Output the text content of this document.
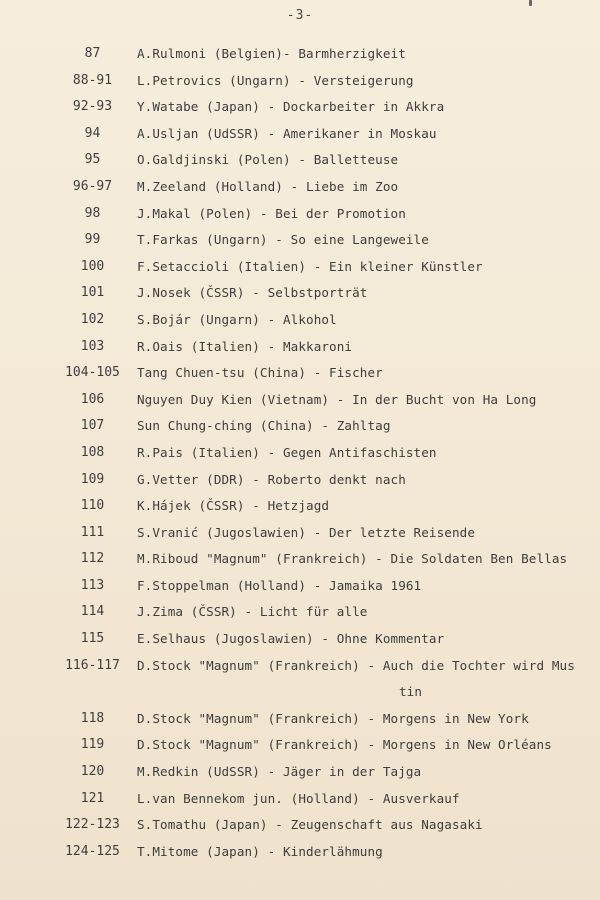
-3-
87	A.Rulmoni (Belgien)- Barmherzigkeit
88-91	L.Petrovics (Ungarn) - Versteigerung
92-93	Y.Watabe (Japan) - Dockarbeiter in Akkra
94	A.Usljan (UdSSR) - Amerikaner in Moskau
95	O.Galdjinski (Polen) - Balletteuse
96-97	M.Zeeland (Holland) - Liebe im Zoo
98	J.Makal (Polen) - Bei der Promotion
99	T.Farkas (Ungarn) - So eine Langeweile
100	F.Setaccioli (Italien) - Ein kleiner Künstler
101	J.Nosek (ČSSR) - Selbstporträt
102	S.Bojár (Ungarn) - Alkohol
103	R.Oais (Italien) - Makkaroni
104-105	Tang Chuen-tsu (China) - Fischer
106	Nguyen Duy Kien (Vietnam) - In der Bucht von Ha Long
107	Sun Chung-ching (China) - Zahltag
108	R.Pais (Italien) - Gegen Antifaschisten
109	G.Vetter (DDR) - Roberto denkt nach
110	K.Hájek (ČSSR) - Hetzjagd
111	S.Vranić (Jugoslawien) - Der letzte Reisende
112	M.Riboud "Magnum" (Frankreich) - Die Soldaten Ben Bellas
113	F.Stoppelman (Holland) - Jamaika 1961
114	J.Zima (ČSSR) - Licht für alle
115	E.Selhaus (Jugoslawien) - Ohne Kommentar
116-117	D.Stock "Magnum" (Frankreich) - Auch die Tochter wird Mus
tin
118	D.Stock "Magnum" (Frankreich) - Morgens in New York
119	D.Stock "Magnum" (Frankreich) - Morgens in New Orléans
120	M.Redkin (UdSSR) - Jäger in der Tajga
121	L.van Bennekom jun. (Holland) - Ausverkauf
122-123	S.Tomathu (Japan) - Zeugenschaft aus Nagasaki
124-125	T.Mitome (Japan) - Kinderlähmung
